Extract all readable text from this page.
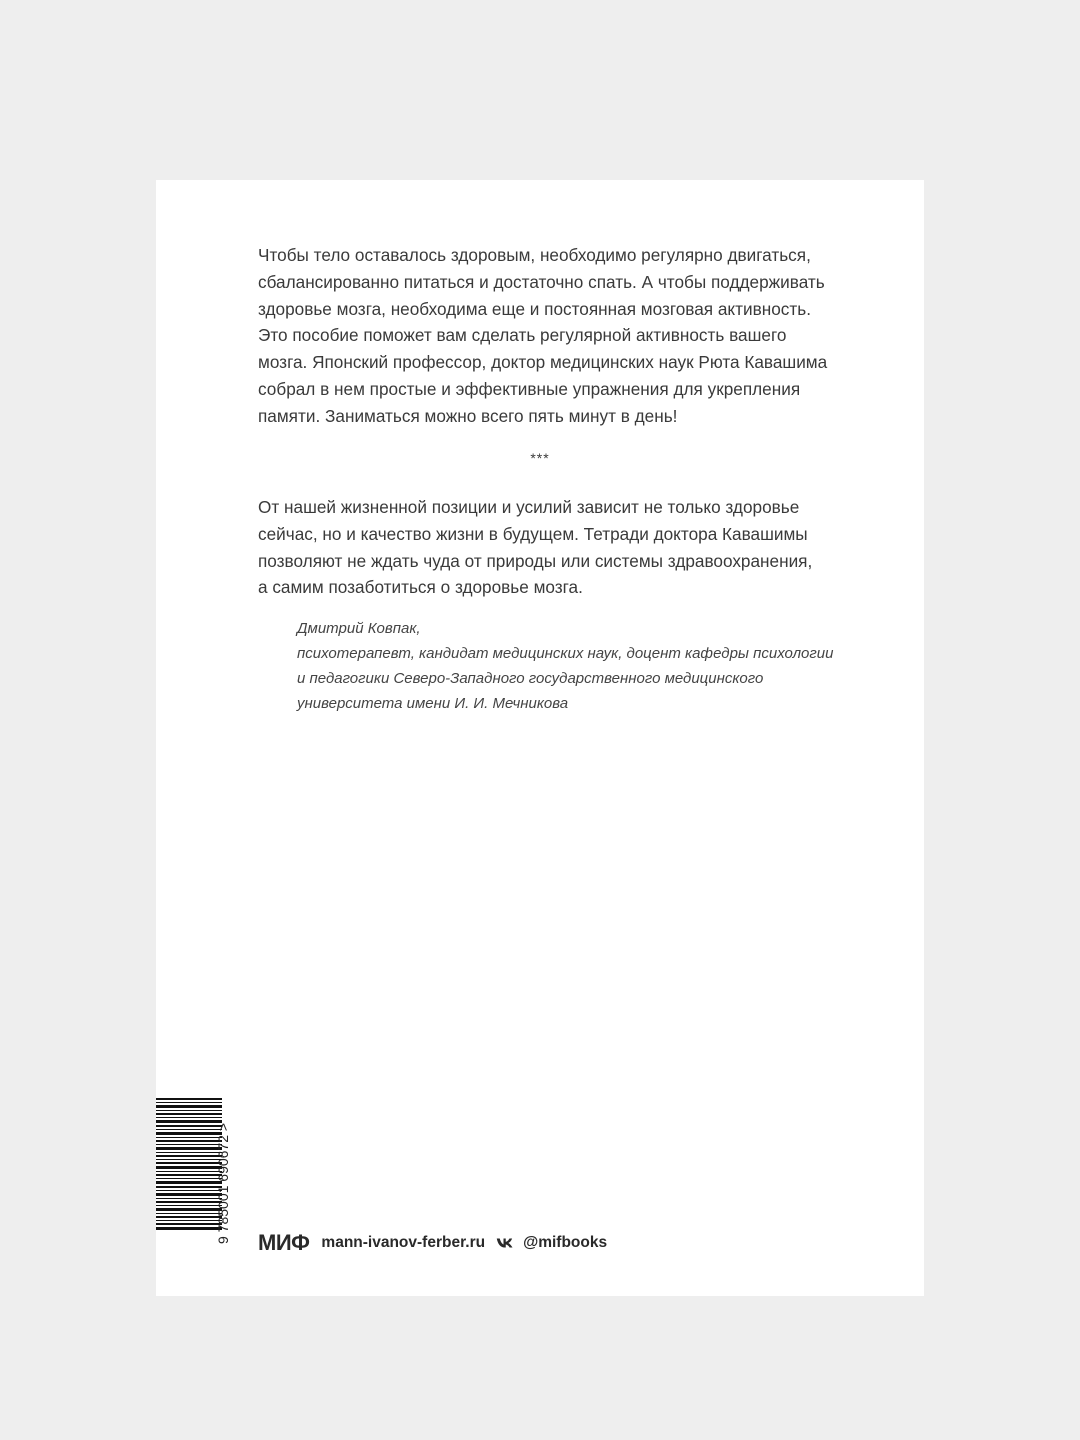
Чтобы тело оставалось здоровым, необходимо регулярно двигаться,

сбалансированно питаться и достаточно спать. А чтобы поддерживать

здоровье мозга, необходима еще и постоянная мозговая активность.

Это пособие поможет вам сделать регулярной активность вашего

мозга. Японский профессор, доктор медицинских наук Рюта Кавашима

собрал в нем простые и эффективные упражнения для укрепления

памяти. Заниматься можно всего пять минут в день!

***

От нашей жизненной позиции и усилий зависит не только здоровье

сейчас, но и качество жизни в будущем. Тетради доктора Кавашимы

позволяют не ждать чуда от природы или системы здравоохранения,

а самим позаботиться о здоровье мозга.

Дмитрий Ковпак,
психотерапевт, кандидат медицинских наук, доцент кафедры психологии
и педагогики Северо-Западного государственного медицинского
университета имени И. И. Мечникова
9 785001 690672 > МИФ mann-ivanov-ferber.ru @mifbooks
